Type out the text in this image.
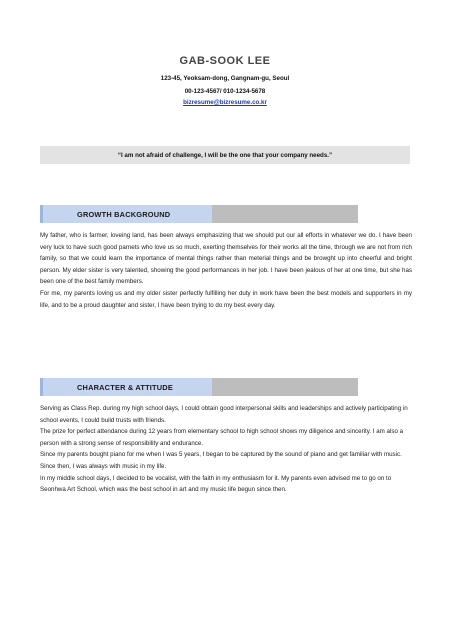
GAB-SOOK LEE
123-45, Yeoksam-dong, Gangnam-gu, Seoul
00-123-4567/ 010-1234-5678
bizresume@bizresume.co.kr
“I am not afraid of challenge, I will be the one that your company needs.”
GROWTH BACKGROUND

My father, who is farmer, loveing land, has been always emphasizing that we should put our all efforts in whatever we do. I have been very luck to have such good parnets who love us so much, exerting themselves for their works all the time, through we are not from rich family, so that we could learn the importance of mental things rather than meterial things and be browght up into cheerful and bright person. My elder sister is very talented, showing the good performances in her job. I have been jealous of her at one time, but she has been one of the best family members.

For me, my parents loving us and my older sister perfectly fulfilling her duty in work have been the best models and supporters in my life, and to be a proud daughter and sister, I have been trying to do my best every day.

CHARACTER & ATTITUDE

Serving as Class Rep. during my high school days, I could obtain good interpersonal skills and leaderships and actively participating in school events, I could build trusts with friends.

The prize for perfect attendance during 12 years from elementary school to high school shows my diligence and sincerity. I am also a person with a strong sense of responsibility and endurance.

Since my parents bought piano for me when I was 5 years, I began to be captured by the sound of piano and get familiar with music. Since then, I was always with music in my life.

In my middle school days, I decided to be vocalist, with the faith in my enthusiasm for it. My parents even advised me to go on to Seonhwa Art School, which was the best school in art and my music life begun since then.
